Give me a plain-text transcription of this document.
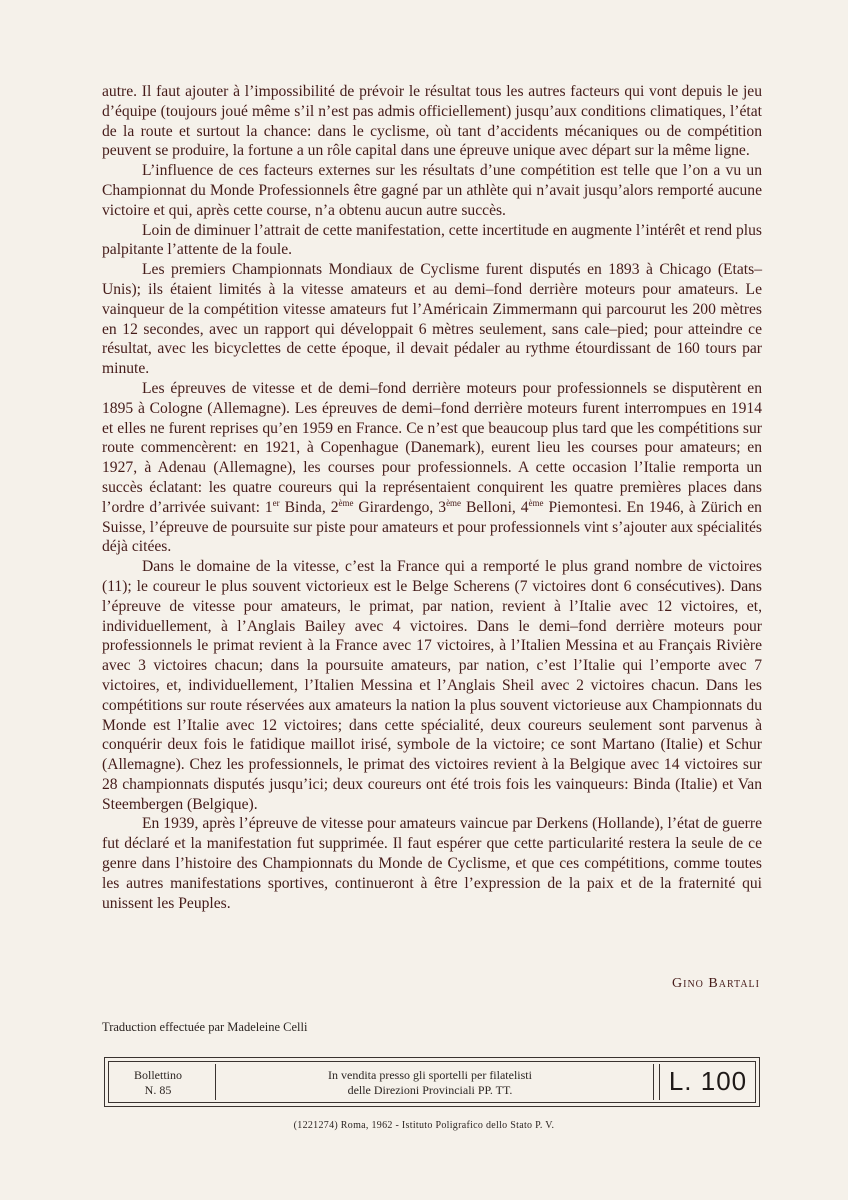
autre. Il faut ajouter à l’impossibilité de prévoir le résultat tous les autres facteurs qui vont depuis le jeu d’équipe (toujours joué même s’il n’est pas admis officiellement) jusqu’aux conditions climatiques, l’état de la route et surtout la chance: dans le cyclisme, où tant d’accidents mécaniques ou de compétition peuvent se produire, la fortune a un rôle capital dans une épreuve unique avec départ sur la même ligne.

L’influence de ces facteurs externes sur les résultats d’une compétition est telle que l’on a vu un Championnat du Monde Professionnels être gagné par un athlète qui n’avait jusqu’alors remporté aucune victoire et qui, après cette course, n’a obtenu aucun autre succès.

Loin de diminuer l’attrait de cette manifestation, cette incertitude en augmente l’intérêt et rend plus palpitante l’attente de la foule.

Les premiers Championnats Mondiaux de Cyclisme furent disputés en 1893 à Chicago (Etats–Unis); ils étaient limités à la vitesse amateurs et au demi–fond derrière moteurs pour amateurs. Le vainqueur de la compétition vitesse amateurs fut l’Américain Zimmermann qui parcourut les 200 mètres en 12 secondes, avec un rapport qui développait 6 mètres seulement, sans cale–pied; pour atteindre ce résultat, avec les bicyclettes de cette époque, il devait pédaler au rythme étourdissant de 160 tours par minute.

Les épreuves de vitesse et de demi–fond derrière moteurs pour professionnels se disputèrent en 1895 à Cologne (Allemagne). Les épreuves de demi–fond derrière moteurs furent interrompues en 1914 et elles ne furent reprises qu’en 1959 en France. Ce n’est que beaucoup plus tard que les compétitions sur route commencèrent: en 1921, à Copenhague (Danemark), eurent lieu les courses pour amateurs; en 1927, à Adenau (Allemagne), les courses pour professionnels. A cette occasion l’Italie remporta un succès éclatant: les quatre coureurs qui la représentaient conquirent les quatre premières places dans l’ordre d’arrivée suivant: 1er Binda, 2ème Girardengo, 3ème Belloni, 4ème Piemontesi. En 1946, à Zürich en Suisse, l’épreuve de poursuite sur piste pour amateurs et pour professionnels vint s’ajouter aux spécialités déjà citées.

Dans le domaine de la vitesse, c’est la France qui a remporté le plus grand nombre de victoires (11); le coureur le plus souvent victorieux est le Belge Scherens (7 victoires dont 6 consécutives). Dans l’épreuve de vitesse pour amateurs, le primat, par nation, revient à l’Italie avec 12 victoires, et, individuellement, à l’Anglais Bailey avec 4 victoires. Dans le demi–fond derrière moteurs pour professionnels le primat revient à la France avec 17 victoires, à l’Italien Messina et au Français Rivière avec 3 victoires chacun; dans la poursuite amateurs, par nation, c’est l’Italie qui l’emporte avec 7 victoires, et, individuellement, l’Italien Messina et l’Anglais Sheil avec 2 victoires chacun. Dans les compétitions sur route réservées aux amateurs la nation la plus souvent victorieuse aux Championnats du Monde est l’Italie avec 12 victoires; dans cette spécialité, deux coureurs seulement sont parvenus à conquérir deux fois le fatidique maillot irisé, symbole de la victoire; ce sont Martano (Italie) et Schur (Allemagne). Chez les professionnels, le primat des victoires revient à la Belgique avec 14 victoires sur 28 championnats disputés jusqu’ici; deux coureurs ont été trois fois les vainqueurs: Binda (Italie) et Van Steembergen (Belgique).

En 1939, après l’épreuve de vitesse pour amateurs vaincue par Derkens (Hollande), l’état de guerre fut déclaré et la manifestation fut supprimée. Il faut espérer que cette particularité restera la seule de ce genre dans l’histoire des Championnats du Monde de Cyclisme, et que ces compétitions, comme toutes les autres manifestations sportives, continueront à être l’expression de la paix et de la fraternité qui unissent les Peuples.

Gino Bartali
Traduction effectuée par Madeleine Celli
Bollettino
N. 85
In vendita presso gli sportelli per filatelisti
delle Direzioni Provinciali PP. TT.	L. 100
(1221274) Roma, 1962 - Istituto Poligrafico dello Stato P. V.
